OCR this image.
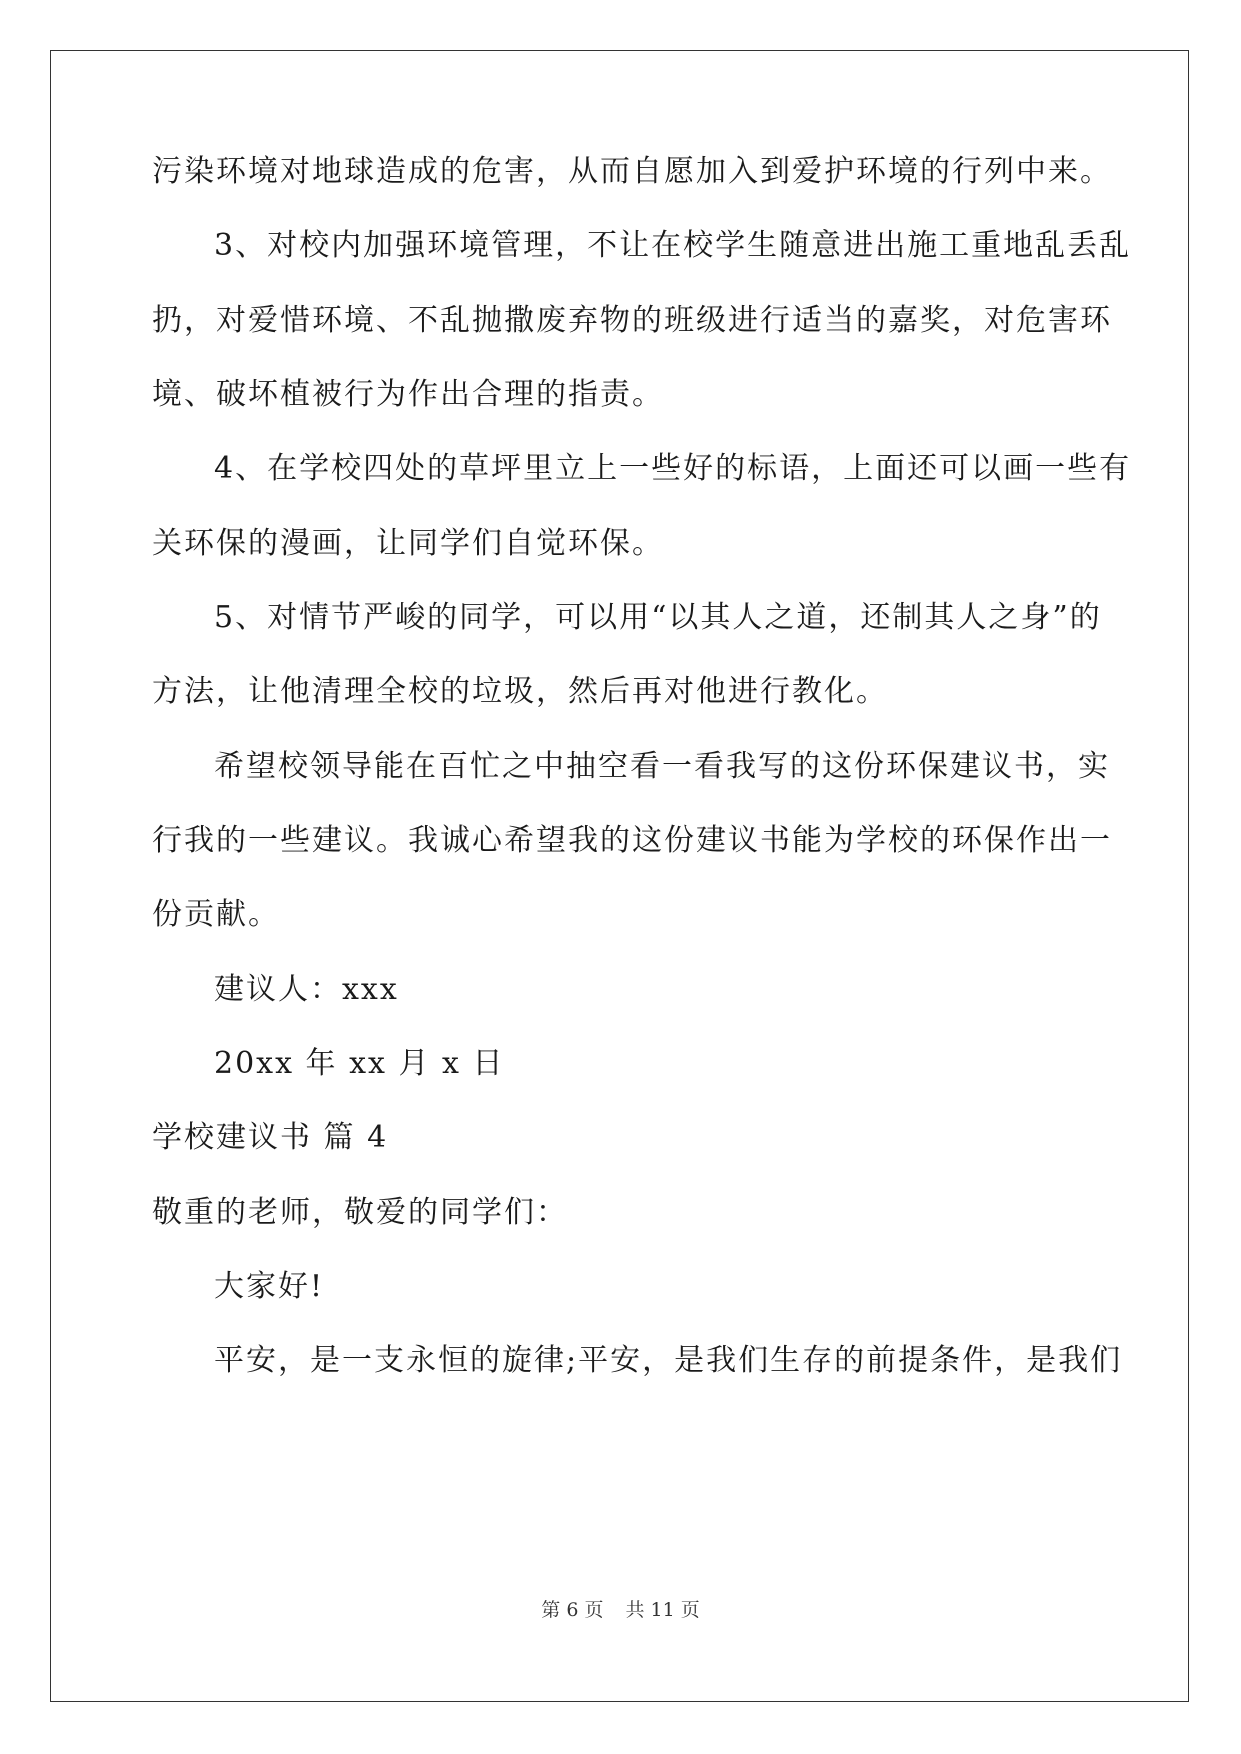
污染环境对地球造成的危害，从而自愿加入到爱护环境的行列中来。
3、对校内加强环境管理，不让在校学生随意进出施工重地乱丢乱
扔，对爱惜环境、不乱抛撒废弃物的班级进行适当的嘉奖，对危害环
境、破坏植被行为作出合理的指责。
4、在学校四处的草坪里立上一些好的标语，上面还可以画一些有
关环保的漫画，让同学们自觉环保。
5、对情节严峻的同学，可以用“以其人之道，还制其人之身”的
方法，让他清理全校的垃圾，然后再对他进行教化。
希望校领导能在百忙之中抽空看一看我写的这份环保建议书，实
行我的一些建议。我诚心希望我的这份建议书能为学校的环保作出一
份贡献。
建议人：xxx
20xx 年 xx 月 x 日
学校建议书 篇 4
敬重的老师，敬爱的同学们：
大家好!
平安，是一支永恒的旋律;平安，是我们生存的前提条件，是我们
第 6 页 共 11 页
